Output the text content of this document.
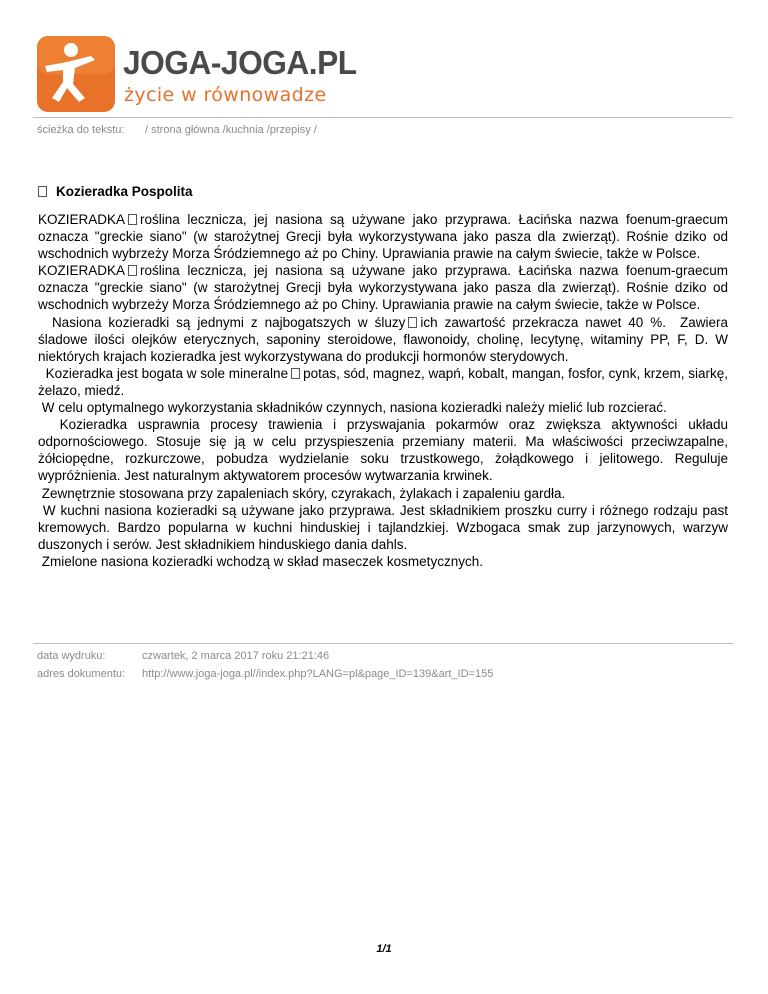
JOGA-JOGA.PL
życie w równowadze
ścieżka do tekstu: / strona główna /kuchnia /przepisy /
Kozieradka Pospolita

KOZIERADKA roślina lecznicza, jej nasiona są używane jako przyprawa. Łacińska nazwa foenum-graecum oznacza "greckie siano" (w starożytnej Grecji była wykorzystywana jako pasza dla zwierząt). Rośnie dziko od wschodnich wybrzeży Morza Śródziemnego aż po Chiny. Uprawiania prawie na całym świecie, także w Polsce.

KOZIERADKA roślina lecznicza, jej nasiona są używane jako przyprawa. Łacińska nazwa foenum-graecum oznacza "greckie siano" (w starożytnej Grecji była wykorzystywana jako pasza dla zwierząt). Rośnie dziko od wschodnich wybrzeży Morza Śródziemnego aż po Chiny. Uprawiania prawie na całym świecie, także w Polsce.

Nasiona kozieradki są jednymi z najbogatszych w śluzy ich zawartość przekracza nawet 40 %.  Zawiera śladowe ilości olejków eterycznych, saponiny steroidowe, flawonoidy, cholinę, lecytynę, witaminy PP, F, D. W niektórych krajach kozieradka jest wykorzystywana do produkcji hormonów sterydowych.

Kozieradka jest bogata w sole mineralne potas, sód, magnez, wapń, kobalt, mangan, fosfor, cynk, krzem, siarkę, żelazo, miedź.

W celu optymalnego wykorzystania składników czynnych, nasiona kozieradki należy mielić lub rozcierać.

Kozieradka usprawnia procesy trawienia i przyswajania pokarmów oraz zwiększa aktywności układu odpornościowego. Stosuje się ją w celu przyspieszenia przemiany materii. Ma właściwości przeciwzapalne, żółciopędne, rozkurczowe, pobudza wydzielanie soku trzustkowego, żołądkowego i jelitowego. Reguluje wypróżnienia. Jest naturalnym aktywatorem procesów wytwarzania krwinek.

Zewnętrznie stosowana przy zapaleniach skóry, czyrakach, żylakach i zapaleniu gardła.

W kuchni nasiona kozieradki są używane jako przyprawa. Jest składnikiem proszku curry i różnego rodzaju past kremowych. Bardzo popularna w kuchni hinduskiej i tajlandzkiej. Wzbogaca smak zup jarzynowych, warzyw duszonych i serów. Jest składnikiem hinduskiego dania dahls.

Zmielone nasiona kozieradki wchodzą w skład maseczek kosmetycznych.

data wydruku:	czwartek, 2 marca 2017 roku 21:21:46
adres dokumentu: http://www.joga-joga.pl//index.php?LANG=pl&page_ID=139&art_ID=155
1/1
